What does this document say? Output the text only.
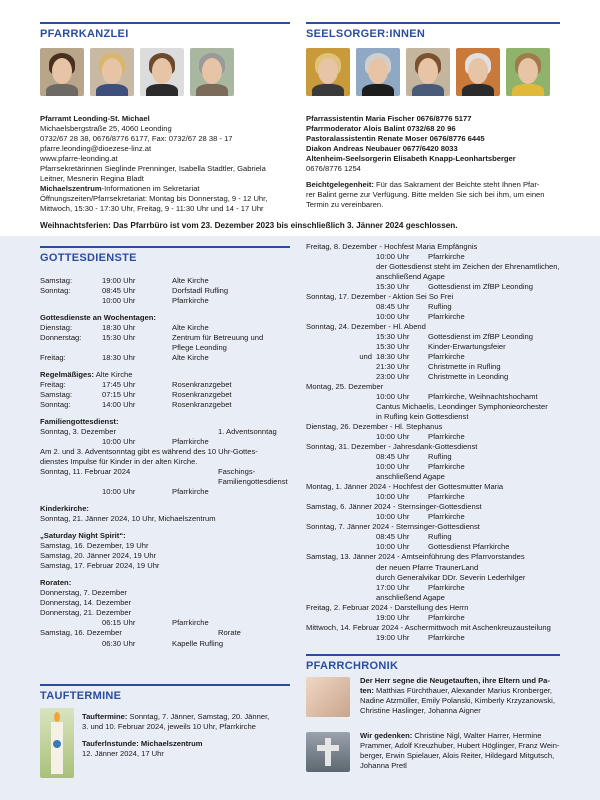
PFARRKANZLEI

Pfarramt Leonding-St. Michael

Michaelsbergstraße 25, 4060 Leonding

0732/67 28 38, 0676/8776 6177, Fax: 0732/67 28 38 - 17

pfarre.leonding@dioezese-linz.at

www.pfarre-leonding.at

Pfarrsekretärinnen Sieglinde Prenninger, Isabella Stadtler, Gabriela

Leitner, Mesnerin Regina Bladt

Michaelszentrum-Informationen im Sekretariat

Öffnungszeiten/Pfarrsekretariat: Montag bis Donnerstag, 9 - 12 Uhr,

Mittwoch, 15:30 - 17:30 Uhr, Freitag, 9 - 11:30 Uhr und 14 - 17 Uhr

SEELSORGER:INNEN

Pfarrassistentin Maria Fischer 0676/8776 5177

Pfarrmoderator Alois Balint 0732/68 20 96

Pastoralassistentin Renate Moser 0676/8776 6445

Diakon Andreas Neubauer 0677/6420 8033

Altenheim-Seelsorgerin Elisabeth Knapp-Leonhartsberger

0676/8776 1254

Beichtgelegenheit: Für das Sakrament der Beichte steht Ihnen Pfar-

rer Balint gerne zur Verfügung. Bitte melden Sie sich bei ihm, um einen

Termin zu vereinbaren.

Weihnachtsferien: Das Pfarrbüro ist vom 23. Dezember 2023 bis einschließlich 3. Jänner 2024 geschlossen.
GOTTESDIENSTE
Samstag:	19:00 Uhr	Alte Kirche
Sonntag:	08:45 Uhr	Dorfstadl Rufling
10:00 Uhr	Pfarrkirche
Gottesdienste an Wochentagen:
Dienstag:	18:30 Uhr	Alte Kirche
Donnerstag:	15:30 Uhr	Zentrum für Betreuung und
Pflege Leonding
Freitag:	18:30 Uhr	Alte Kirche
Regelmäßiges: Alte Kirche
Freitag:	17:45 Uhr	Rosenkranzgebet
Samstag:	07:15 Uhr	Rosenkranzgebet
Sonntag:	14:00 Uhr	Rosenkranzgebet
Familiengottesdienst:
Sonntag, 3. Dezember	1. Adventsonntag
10:00 Uhr	Pfarrkirche
Am 2. und 3. Adventsonntag gibt es während des 10 Uhr-Gottes-
dienstes Impulse für Kinder in der alten Kirche.
Sonntag, 11. Februar 2024	Faschings-Familiengottesdienst
10:00 Uhr	Pfarrkirche
Kinderkirche:
Sonntag, 21. Jänner 2024, 10 Uhr, Michaelszentrum
„Saturday Night Spirit“:
Samstag, 16. Dezember, 19 Uhr
Samstag, 20. Jänner 2024, 19 Uhr
Samstag, 17. Februar 2024, 19 Uhr
Roraten:
Donnerstag, 7. Dezember
Donnerstag, 14. Dezember
Donnerstag, 21. Dezember
06:15 Uhr	Pfarrkirche
Samstag, 16. Dezember	Rorate
06:30 Uhr	Kapelle Rufling
Freitag, 8. Dezember - Hochfest Maria Empfängnis
10:00 Uhr	Pfarrkirche
der Gottesdienst steht im Zeichen der Ehrenamtlichen,
anschließend Agape
15:30 Uhr	Gottesdienst im ZfBP Leonding
Sonntag, 17. Dezember - Aktion Sei So Frei
08:45 Uhr	Rufling
10:00 Uhr	Pfarrkirche
Sonntag, 24. Dezember - Hl. Abend
15:30 Uhr	Gottesdienst im ZfBP Leonding
15:30 Uhr	Kinder-Erwartungsfeier
und 18:30 Uhr	Pfarrkirche
21:30 Uhr	Christmette in Rufling
23:00 Uhr	Christmette in Leonding
Montag, 25. Dezember
10:00 Uhr	Pfarrkirche, Weihnachtshochamt
Cantus Michaelis, Leondinger Symphonieorchester
in Rufling kein Gottesdienst
Dienstag, 26. Dezember - Hl. Stephanus
10:00 Uhr	Pfarrkirche
Sonntag, 31. Dezember - Jahresdank-Gottesdienst
08:45 Uhr	Rufling
10:00 Uhr	Pfarrkirche
anschließend Agape
Montag, 1. Jänner 2024 - Hochfest der Gottesmutter Maria
10:00 Uhr	Pfarrkirche
Samstag, 6. Jänner 2024 - Sternsinger-Gottesdienst
10:00 Uhr	Pfarrkirche
Sonntag, 7. Jänner 2024 - Sternsinger-Gottesdienst
08:45 Uhr	Rufling
10:00 Uhr	Gottesdienst Pfarrkirche
Samstag, 13. Jänner 2024 - Amtseinführung des Pfarrvorstandes
der neuen Pfarre TraunerLand
durch Generalvikar DDr. Severin Lederhilger
17:00 Uhr	Pfarrkirche
anschließend Agape
Freitag, 2. Februar 2024 - Darstellung des Herrn
19:00 Uhr	Pfarrkirche
Mittwoch, 14. Februar 2024 - Aschermittwoch mit Aschenkreuzausteilung
19:00 Uhr	Pfarrkirche
PFARRCHRONIK

Der Herr segne die Neugetauften, ihre Eltern und Pa-

ten: Matthias Fürchthauer, Alexander Marius Kronberger,

Nadine Atzmüller, Emily Polanski, Kimberly Krzyzanowski,

Christine Haslinger, Johanna Aigner

Wir gedenken: Christine Nigl, Walter Harrer, Hermine

Prammer, Adolf Kreuzhuber, Hubert Höglinger, Franz Wein-

berger, Erwin Spielauer, Alois Reiter, Hildegard Mitgutsch,

Johanna Pretl

TAUFTERMINE

Tauftermine: Sonntag, 7. Jänner, Samstag, 20. Jänner,

3. und 10. Februar 2024, jeweils 10 Uhr, Pfarrkirche

Tauferlnstunde: Michaelszentrum

12. Jänner 2024, 17 Uhr
